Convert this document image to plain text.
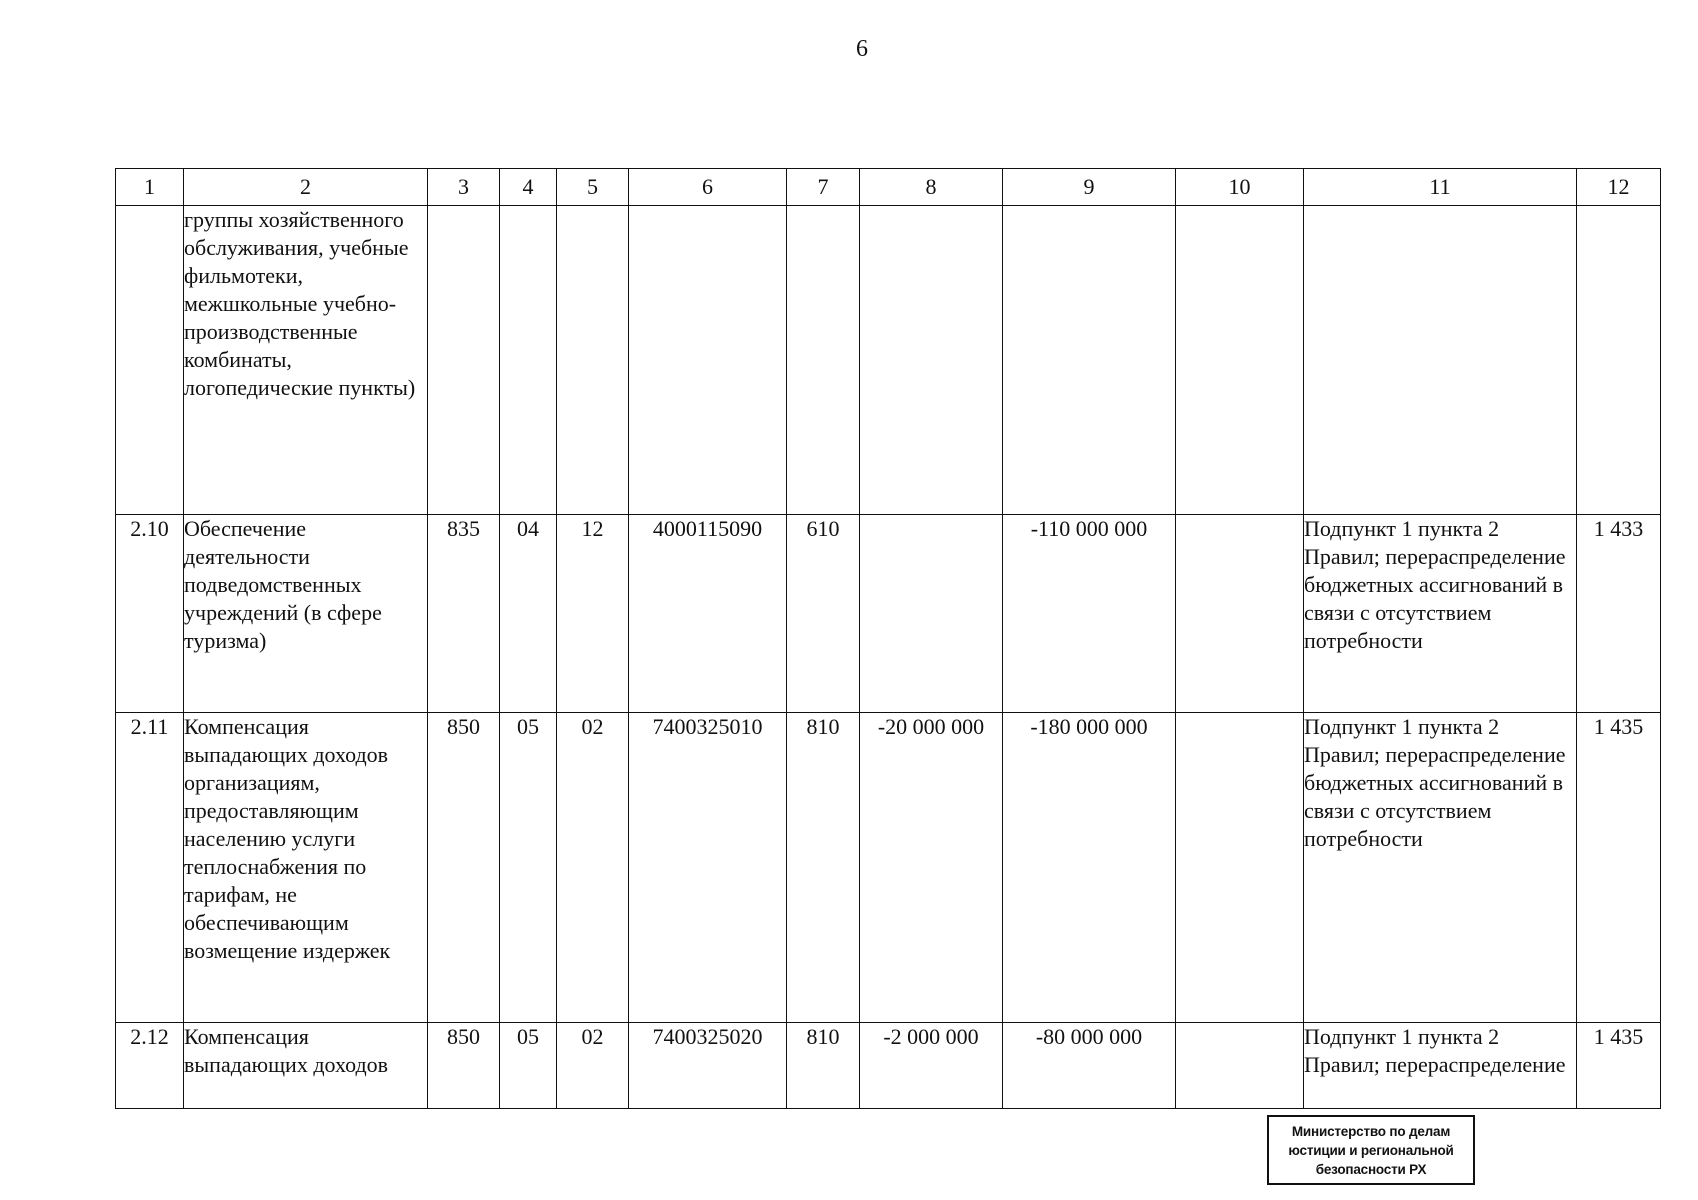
6
1	2	3	4	5	6	7	8	9	10	11	12
	группы хозяйственного обслуживания, учебные фильмотеки, межшкольные учебно-производственные комбинаты, логопедические пункты)										
2.10	Обеспечение деятельности подведомственных учреждений (в сфере туризма)	835	04	12	4000115090	610		-110 000 000		Подпункт 1 пункта 2 Правил; перераспределение бюджетных ассигнований в связи с отсутствием потребности	1 433
2.11	Компенсация выпадающих доходов организациям, предоставляющим населению услуги теплоснабжения по тарифам, не обеспечивающим возмещение издержек	850	05	02	7400325010	810	-20 000 000	-180 000 000		Подпункт 1 пункта 2 Правил; перераспределение бюджетных ассигнований в связи с отсутствием потребности	1 435
2.12	Компенсация выпадающих доходов	850	05	02	7400325020	810	-2 000 000	-80 000 000		Подпункт 1 пункта 2 Правил; перераспределение	1 435
Министерство по делам
юстиции и региональной
безопасности РХ
